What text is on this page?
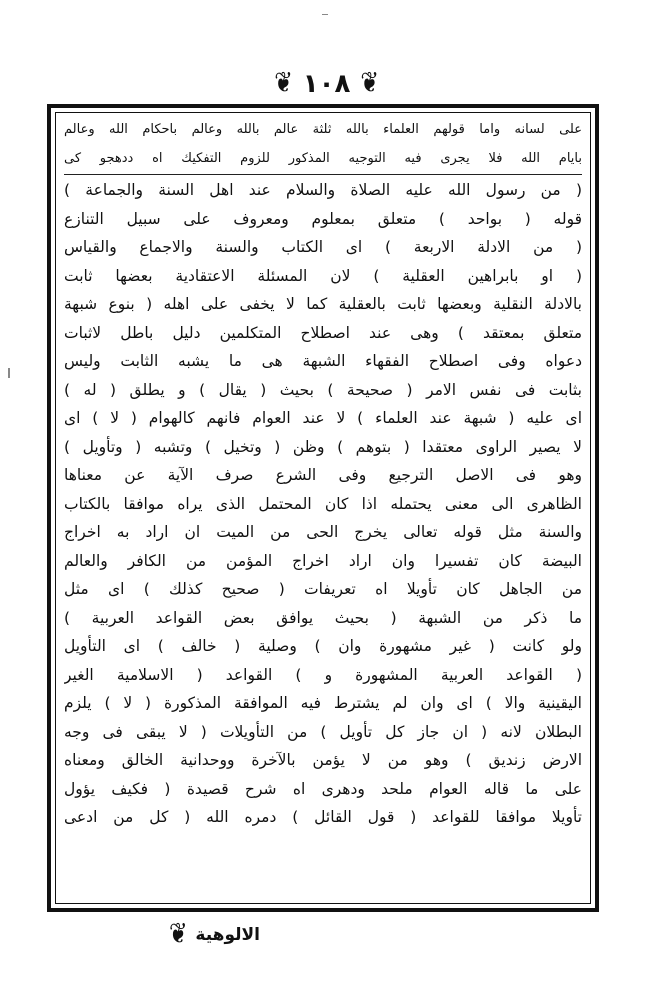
❦
١٠٨
❦
على لسانه واما قولهم العلماء بالله ثلثة عالم بالله وعالم باحكام الله وعالم
بايام الله فلا يجرى فيه التوجيه المذكور للزوم التفكيك اه ددهجو كى
( من رسول الله عليه الصلاة والسلام عند اهل السنة والجماعة )
قوله ( بواحد ) متعلق بمعلوم ومعروف على سبيل التنازع
( من الادلة الاربعة ) اى الكتاب والسنة والاجماع والقياس
( او بابراهين العقلية ) لان المسئلة الاعتقادية بعضها ثابت
بالادلة النقلية وبعضها ثابت بالعقلية كما لا يخفى على اهله ( بنوع شبهة
متعلق بمعتقد ) وهى عند اصطلاح المتكلمين دليل باطل لاثبات
دعواه وفى اصطلاح الفقهاء الشبهة هى ما يشبه الثابت وليس
بثابت فى نفس الامر ( صحيحة ) بحيث ( يقال ) و يطلق ( له )
اى عليه ( شبهة عند العلماء ) لا عند العوام فانهم كالهوام ( لا ) اى
لا يصير الراوى معتقدا ( بتوهم ) وظن ( وتخيل ) وتشبه ( وتأويل )
وهو فى الاصل الترجيع وفى الشرع صرف الآية عن معناها
الظاهرى الى معنى يحتمله اذا كان المحتمل الذى يراه موافقا بالكتاب
والسنة مثل قوله تعالى يخرج الحى من الميت ان اراد به اخراج
البيضة كان تفسيرا وان اراد اخراج المؤمن من الكافر والعالم
من الجاهل كان تأويلا اه تعريفات ( صحيح كذلك ) اى مثل
ما ذكر من الشبهة ( بحيث يوافق بعض القواعد العربية )
ولو كانت ( غير مشهورة وان ) وصلية ( خالف ) اى التأويل
( القواعد العربية المشهورة و ) القواعد ( الاسلامية الغير
اليقينية والا ) اى وان لم يشترط فيه الموافقة المذكورة ( لا ) يلزم
البطلان لانه ( ان جاز كل تأويل ) من التأويلات ( لا يبقى فى وجه
الارض زنديق ) وهو من لا يؤمن بالآخرة ووحدانية الخالق ومعناه
على ما قاله العوام ملحد ودهرى اه شرح قصيدة ( فكيف يؤول
تأويلا موافقا للقواعد ( قول القائل ) دمره الله ( كل من ادعى
الالوهية
❦
